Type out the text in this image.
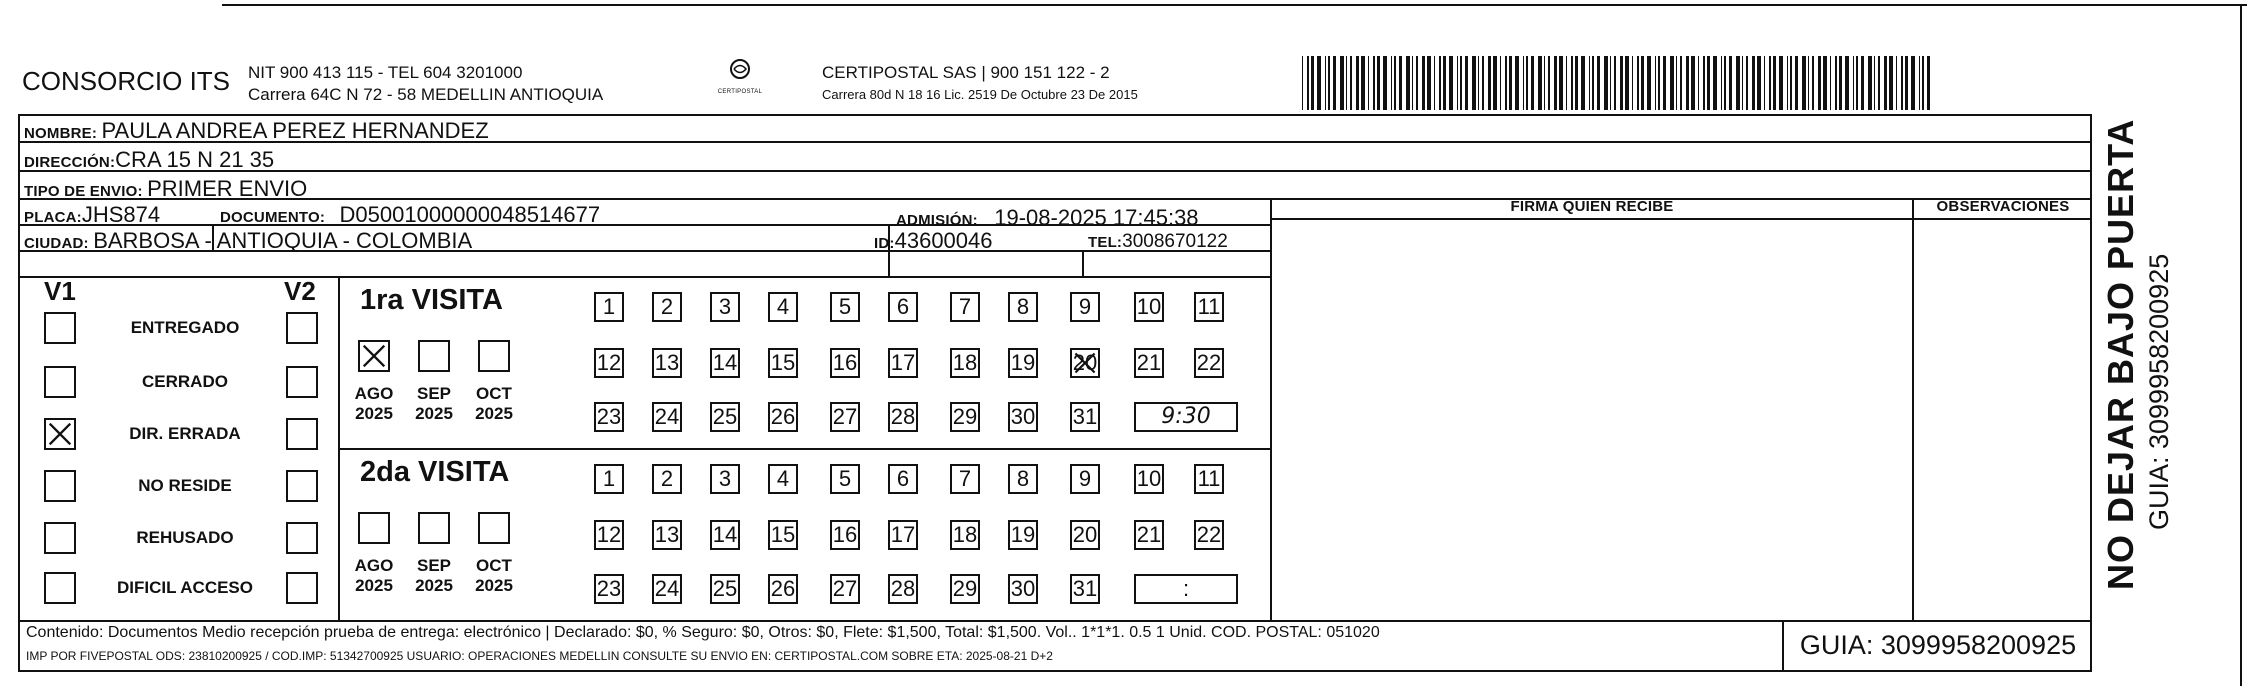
CONSORCIO ITS NIT 900 413 115 - TEL 604 3201000
Carrera 64C N 72 - 58 MEDELLIN ANTIOQUIA	CERTIPOSTAL
CERTIPOSTAL SAS | 900 151 122 - 2
Carrera 80d N 18 16 Lic. 2519 De Octubre 23 De 2015
NOMBRE: PAULA ANDREA PEREZ HERNANDEZ
DIRECCIÓN:CRA 15 N 21 35
TIPO DE ENVIO: PRIMER ENVIO
PLACA:JHS874	DOCUMENTO: D05001000000048514677	ADMISIÓN: 19-08-2025 17:45:38
CIUDAD: BARBOSA - ANTIOQUIA - COLOMBIA	ID:43600046	TEL:3008670122
FIRMA QUIEN RECIBE	OBSERVACIONES
V1	V2
ENTREGADO
CERRADO
DIR. ERRADA
NO RESIDE
REHUSADO
DIFICIL ACCESO
1ra VISITA
AGO
2025
SEP
2025
OCT
2025
1	2	3	4	5	6	7	8	9	10 11
12 13 14 15 16 17 18 19 20 21 22
23 24 25 26 27 28 29 30 31	9:30
2da VISITA
AGO
2025
SEP
2025
OCT
2025
1	2	3	4	5	6	7	8	9	10 11
12 13 14 15 16 17 18 19 20 21 22
23 24 25 26 27 28 29 30 31	:	NO DEJAR BAJO PUERTA GUIA: 3099958200925
Contenido: Documentos Medio recepción prueba de entrega: electrónico | Declarado: $0, % Seguro: $0, Otros: $0, Flete: $1,500, Total: $1,500. Vol.. 1*1*1. 0.5 1 Unid. COD. POSTAL: 051020
IMP POR FIVEPOSTAL ODS: 23810200925 / COD.IMP: 51342700925 USUARIO: OPERACIONES MEDELLIN CONSULTE SU ENVIO EN: CERTIPOSTAL.COM SOBRE ETA: 2025-08-21 D+2	GUIA: 3099958200925
